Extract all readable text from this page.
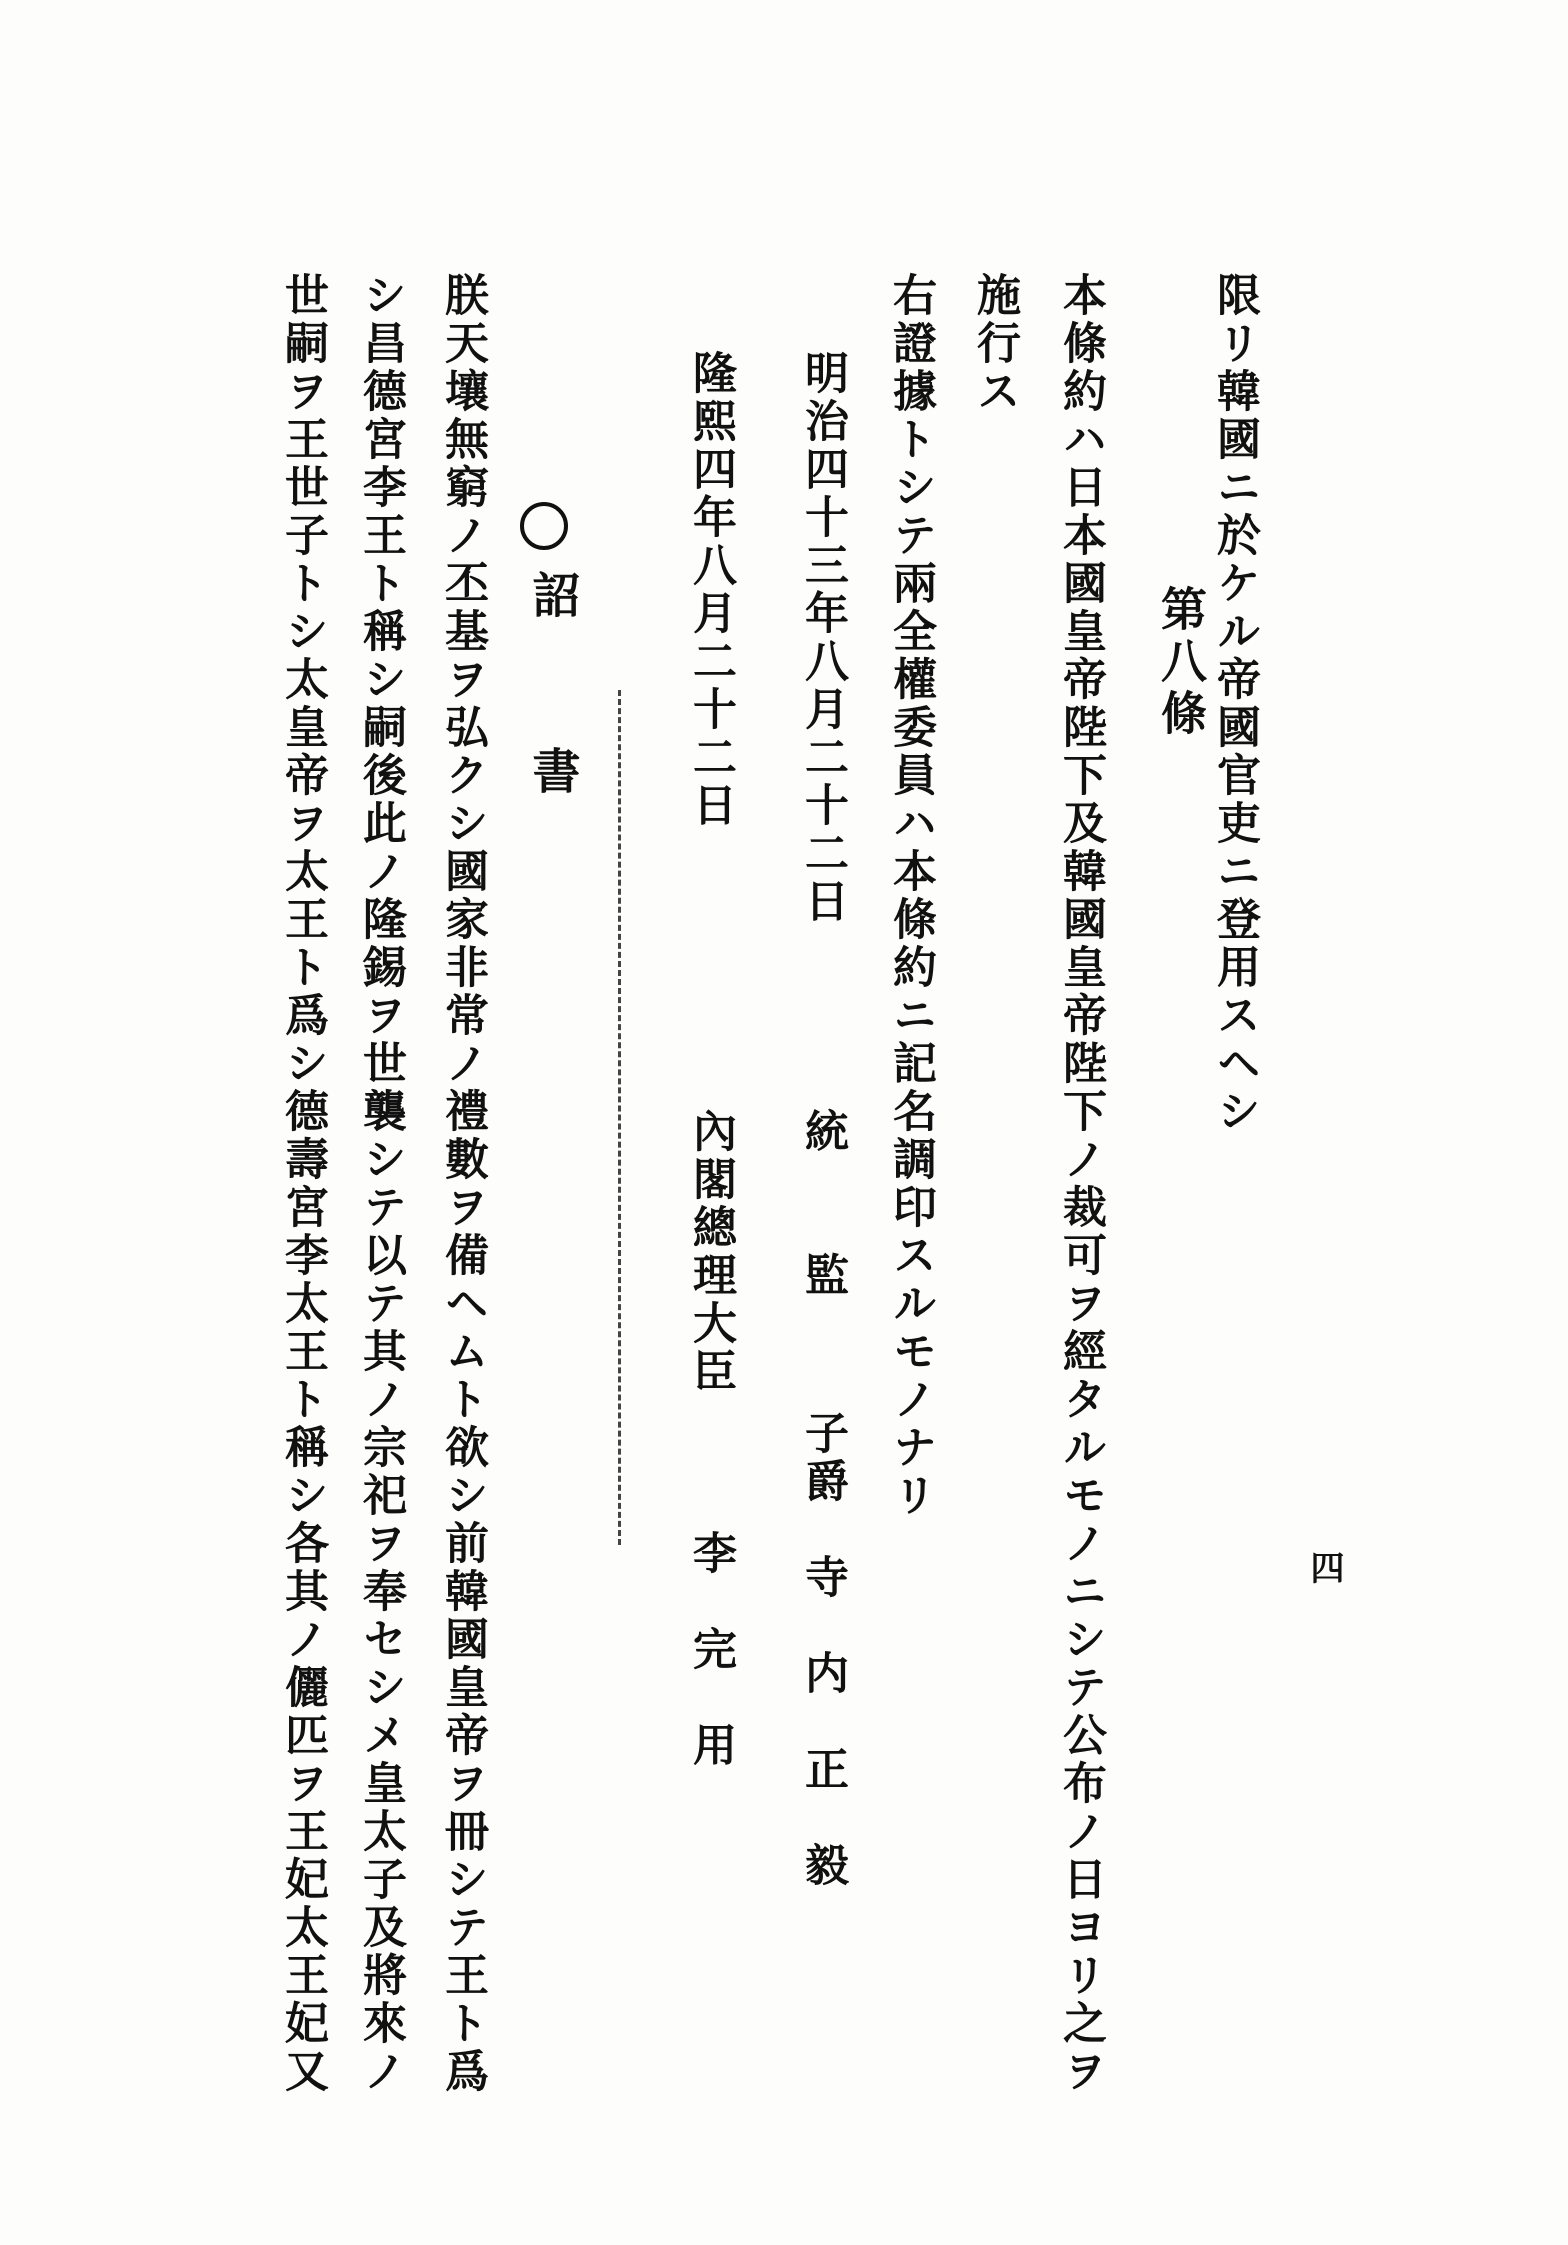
四
限リ韓國ニ於ケル帝國官吏ニ登用スヘシ
第八條
本條約ハ日本國皇帝陛下及韓國皇帝陛下ノ裁可ヲ經タルモノニシテ公布ノ日ヨリ之ヲ
施行ス
右證據トシテ兩全權委員ハ本條約ニ記名調印スルモノナリ
明治四十三年八月二十二日
統　　監
子爵　寺　内　正　毅
隆熙四年八月二十二日
內閣總理大臣
李　完　用
詔　書
朕天壤無窮ノ丕基ヲ弘クシ國家非常ノ禮數ヲ備ヘムト欲シ前韓國皇帝ヲ冊シテ王ト爲
シ昌德宮李王ト稱シ嗣後此ノ隆錫ヲ世襲シテ以テ其ノ宗祀ヲ奉セシメ皇太子及將來ノ
世嗣ヲ王世子トシ太皇帝ヲ太王ト爲シ德壽宮李太王ト稱シ各其ノ儷匹ヲ王妃太王妃又
